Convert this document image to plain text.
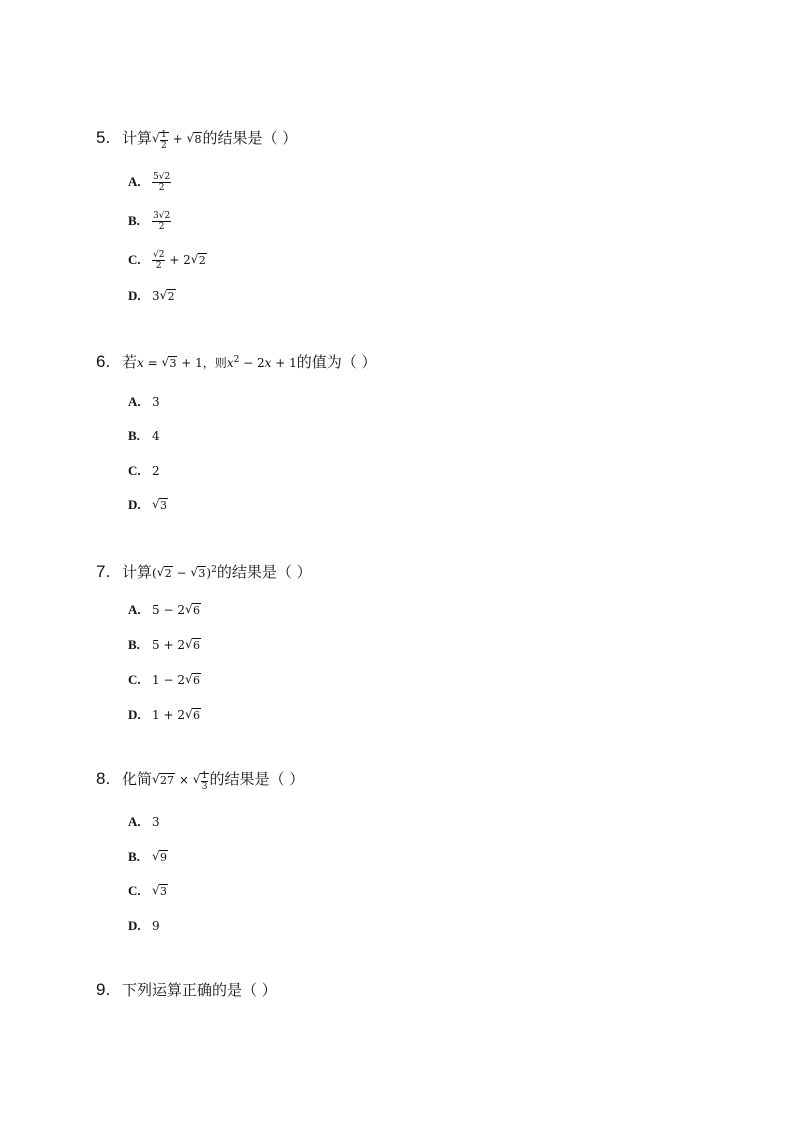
5. 计算 √ $\frac{1}{2}$ + √ 8的结果是（ ）
A. $\frac{5√2}{2}$
B. $\frac{3√2}{2}$
C. $\frac{√2}{2} + 2$ √ 2
D. 3 √ 2
6. 若x = √ 3 + 1，则$x^2 - 2x + 1$的值为（ ）
A. 3
B. 4
C. 2
D. √ 3
7. 计算( √ 2 − √ 3)$^2$的结果是（ ）
A. 5 − 2 √ 6
B. 5 + 2 √ 6
C. 1 − 2 √ 6
D. 1 + 2 √ 6
8. 化简 √ 27 × √ $\frac{1}{3}$ 的结果是（ ）
A. 3
B. √ 9
C. √ 3
D. 9
9. 下列运算正确的是（ ）
